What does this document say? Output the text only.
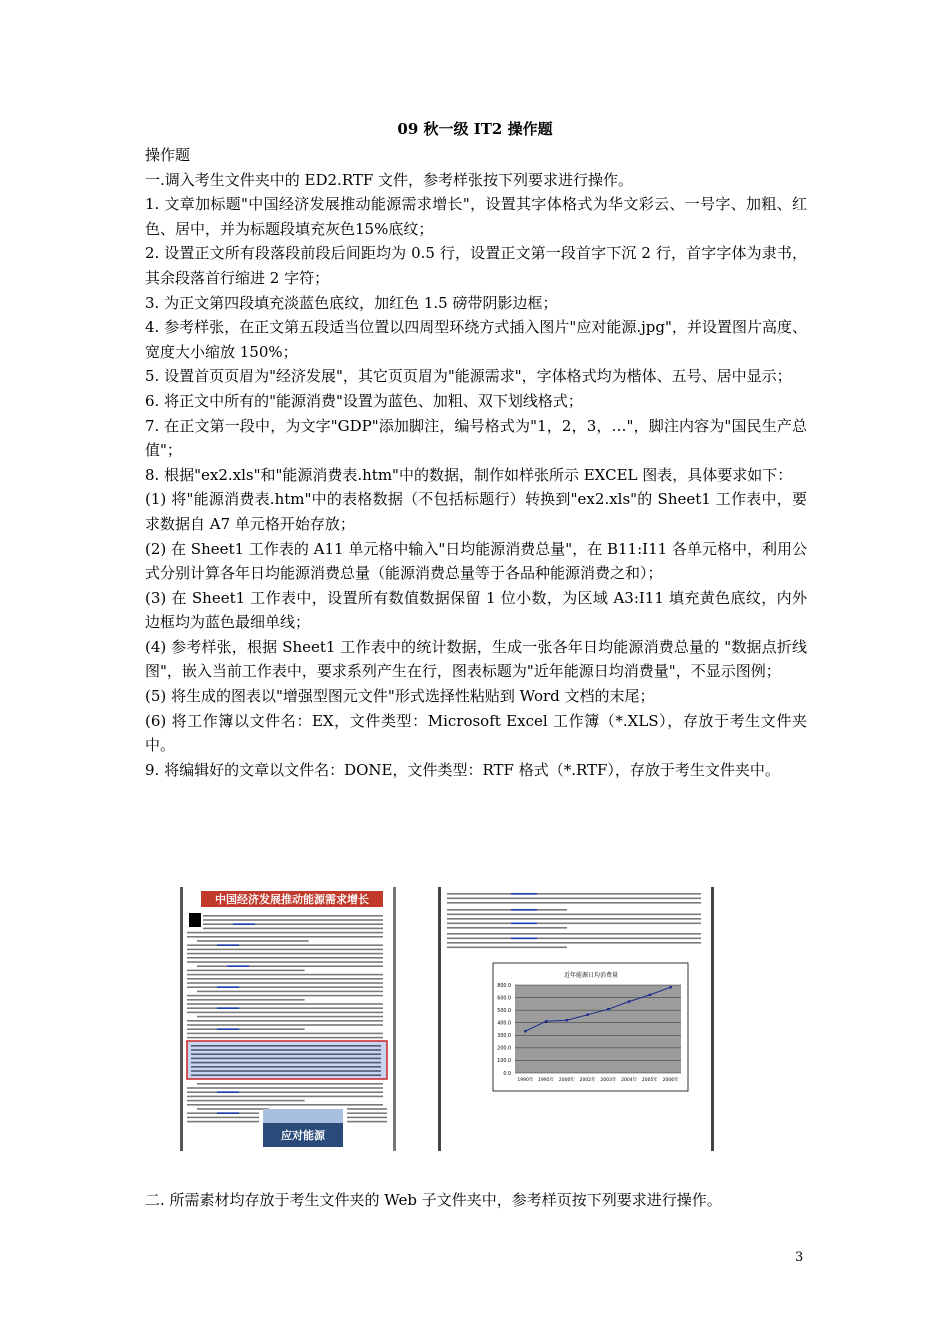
09 秋一级 IT2 操作题

操作题

一.调入考生文件夹中的 ED2.RTF 文件，参考样张按下列要求进行操作。

1. 文章加标题"中国经济发展推动能源需求增长"，设置其字体格式为华文彩云、一号字、加粗、红色、居中，并为标题段填充灰色15%底纹；

2. 设置正文所有段落段前段后间距均为 0.5 行，设置正文第一段首字下沉 2 行，首字字体为隶书，其余段落首行缩进 2 字符；

3. 为正文第四段填充淡蓝色底纹，加红色 1.5 磅带阴影边框；

4. 参考样张，在正文第五段适当位置以四周型环绕方式插入图片"应对能源.jpg"，并设置图片高度、宽度大小缩放 150%；

5. 设置首页页眉为"经济发展"，其它页页眉为"能源需求"，字体格式均为楷体、五号、居中显示；

6. 将正文中所有的"能源消费"设置为蓝色、加粗、双下划线格式；

7. 在正文第一段中，为文字"GDP"添加脚注，编号格式为"1，2，3，…"，脚注内容为"国民生产总值"；

8. 根据"ex2.xls"和"能源消费表.htm"中的数据，制作如样张所示 EXCEL 图表，具体要求如下：

(1) 将"能源消费表.htm"中的表格数据（不包括标题行）转换到"ex2.xls"的 Sheet1 工作表中，要求数据自 A7 单元格开始存放；

(2) 在 Sheet1 工作表的 A11 单元格中输入"日均能源消费总量"，在 B11:I11 各单元格中，利用公式分别计算各年日均能源消费总量（能源消费总量等于各品种能源消费之和）；

(3) 在 Sheet1 工作表中，设置所有数值数据保留 1 位小数，为区域 A3:I11 填充黄色底纹，内外边框均为蓝色最细单线；

(4) 参考样张，根据 Sheet1 工作表中的统计数据，生成一张各年日均能源消费总量的 "数据点折线图"，嵌入当前工作表中，要求系列产生在行，图表标题为"近年能源日均消费量"，不显示图例；

(5) 将生成的图表以"增强型图元文件"形式选择性粘贴到 Word 文档的末尾；

(6) 将工作簿以文件名：EX，文件类型：Microsoft Excel 工作簿（*.XLS），存放于考生文件夹中。

9. 将编辑好的文章以文件名：DONE，文件类型：RTF 格式（*.RTF），存放于考生文件夹中。

中国经济发展推动能源需求增长
应对能源
近年能源日均消费量
0.0
100.0
200.0
300.0
400.0
500.0
600.0
800.0
1990年 1995年 2000年 2002年 2003年 2004年 2005年 2006年
二. 所需素材均存放于考生文件夹的 Web 子文件夹中，参考样页按下列要求进行操作。
3
